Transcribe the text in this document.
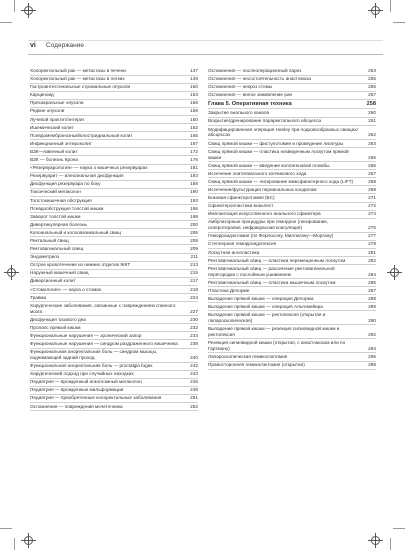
vi Содержание
Холоректальный рак — метастазы в печени	147
Холоректальный рак — метастазы в легких	149
Гастроинтестинальные стромальные опухоли	150
Карциноид	153
Пресакральные опухоли	156
Редкие опухоли	158
Лучевой проктит/энтерит	160
Ишемический колит	162
Псевдомембранозный/клостридиальный колит	165
Инфекционный энтероколит	167
ВЗК—язвенный колит	172
ВЗК — болезнь Крона	176
«Резервуарология» — наука о кишечных резервуарах	181
Резервуарит — илеоанальная дисфункция	183
Дисфункция резервуара по боку	188
Токсический мегаколон	190
Толстокишечная обструкция	193
Псевдообструкция толстой кишки	196
Заворот толстой кишки	198
Дивертикулярная болезнь	200
Колоанальный и колоовезикальный свищ	206
Ректальный свищ	208
Ректовагинальный свищ	209
Эндометриоз	211
Острое кровотечение из нижних отделов ЖКТ	213
Наружный кишечный свищ	215
Диверсионный колит	217
«Стомология» — наука о стомах	218
Травма	224
Хирургические заболевания, связанные с повреждением спинного мозга	227
Дисфункция тазового дна	230
Пролапс прямой кишки	232
Функциональные нарушения — хронический запор	234
Функциональные нарушения — синдром раздраженного кишечника	238
Функциональная аноректальная боль — синдром мышцы, поднимающей задний проход	240
Функциональная аноректальная боль — proctalgia fugax	242
Хирургический подход при случайных находках	243
Педиатрия — врожденный агангломный мегаколон	245
Педиатрия — врожденные мальформации	249
Педиатрия — приобретенные колоректальные заболевания	251
Осложнения — повреждения мочеточника	252
Осложнения — послеоперационный парез	253
Осложнения — несостоятельность анастомоза	255
Осложнения — некроз стомы	256
Осложнения — вялое заживление ран	257
Глава 5. Оперативная техника	258
Закрытие анального канала	260
Вскрытие/дренирование параректального абсцесса	261
Модифицированная операция Hanley при подковообразных свищах/абсцессах	262
Свищ прямой кишки — фистулотомия и проведение лигатуры	263
Свищ прямой кишки — пластика низведенным лоскутом прямой кишки	265
Свищ прямой кишки — введение коллагеновой пломбы	266
Иссечение эпителиального копчикового хода	267
Свищ прямой кишки — лигирование межсфинктерного хода (LIFT)	268
Иссечение/фульгурация перианальных кондилом	269
Боковая сфинктеротомия (БС)	271
Сфинктеропластика внахлест	272
Имплантация искусственного анального сфинктера	274
Амбулаторные процедуры при геморрое (лигирование, склеротерапия, инфракрасная коагуляция)	276
Геморроидэктомия (по Фергюсону, Миллигану—Моргану)	277
Степлерная геморроидопексия	279
Лоскутная анопластика	281
Ректовагинальный свищ — пластика перемещенным лоскутом	282
Ректовагинальный свищ — рассечение ректовагинальной перегородки с послойным ушиванием	284
Ректовагинальный свищ — пластика мышечным лоскутом	285
Пластика Делорме	287
Выпадение прямой кишки — операция Делорма	288
Выпадение прямой кишки — операция Альтемейера	289
Выпадение прямой кишки — ректопексия (открытая и лапароскопическая)	290
Выпадение прямой кишки — резекция сигмовидной кишки и ректопексия	292
Резекция сигмовидной кишки (открытая, с анастомозом или по Гартману)	294
Лапароскопическая гемиколэктомия	296
Правосторонняя гемиколэктомия (открытая)	298
